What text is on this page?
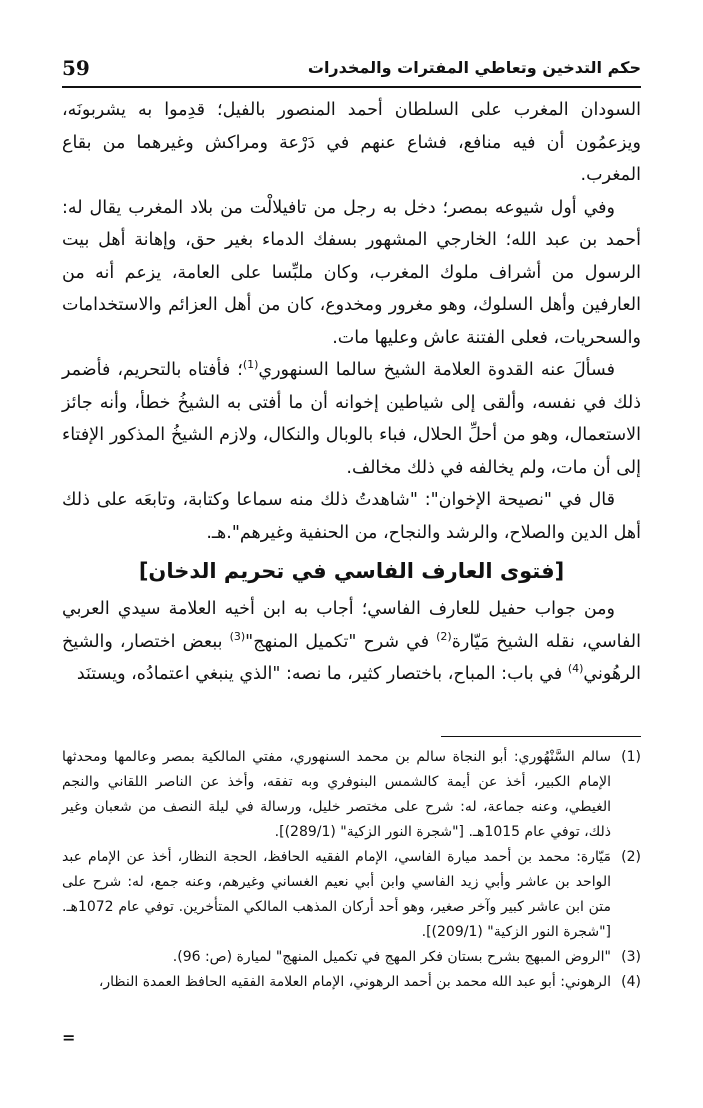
59	حكم التدخين وتعاطي المفترات والمخدرات

السودان المغرب على السلطان أحمد المنصور بالفيل؛ قدِموا به يشربونَه، ويزعمُون أن فيه منافع، فشاع عنهم في دَرْعة ومراكش وغيرهما من بقاع المغرب.

وفي أول شيوعه بمصر؛ دخل به رجل من تافيلالْت من بلاد المغرب يقال له: أحمد بن عبد الله؛ الخارجي المشهور بسفك الدماء بغير حق، وإهانة أهل بيت الرسول من أشراف ملوك المغرب، وكان ملبِّسا على العامة، يزعم أنه من العارفين وأهل السلوك، وهو مغرور ومخدوع، كان من أهل العزائم والاستخدامات والسحريات، فعلى الفتنة عاش وعليها مات.

فسألَ عنه القدوة العلامة الشيخ سالما السنهوري$^{(1)}$؛ فأفتاه بالتحريم، فأضمر ذلك في نفسه، وألقى إلى شياطين إخوانه أن ما أفتى به الشيخُ خطأ، وأنه جائز الاستعمال، وهو من أحلِّ الحلال، فباء بالوبال والنكال، ولازم الشيخُ المذكور الإفتاء إلى أن مات، ولم يخالفه في ذلك مخالف.

قال في "نصيحة الإخوان": "شاهدتُ ذلك منه سماعا وكتابة، وتابعَه على ذلك أهل الدين والصلاح، والرشد والنجاح، من الحنفية وغيرهم".هـ.

[فتوى العارف الفاسي في تحريم الدخان]

ومن جواب حفيل للعارف الفاسي؛ أجاب به ابن أخيه العلامة سيدي العربي الفاسي، نقله الشيخ مَيّارة$^{(2)}$ في شرح "تكميل المنهج"$^{(3)}$ ببعض اختصار، والشيخ الرهُوني$^{(4)}$ في باب: المباح، باختصار كثير، ما نصه: "الذي ينبغي اعتمادُه، ويستنَد

(1)
سالم السَّنْهُوري: أبو النجاة سالم بن محمد السنهوري، مفتي المالكية بمصر وعالمها ومحدثها الإمام الكبير، أخذ عن أيمة كالشمس البنوفري وبه تفقه، وأخذ عن الناصر اللقاني والنجم الغيطي، وعنه جماعة، له: شرح على مختصر خليل، ورسالة في ليلة النصف من شعبان وغير ذلك، توفي عام 1015هـ. ["شجرة النور الزكية" (289/1)].

(2)
مَيّارة: محمد بن أحمد ميارة الفاسي، الإمام الفقيه الحافظ، الحجة النظار، أخذ عن الإمام عبد الواحد بن عاشر وأبي زيد الفاسي وابن أبي نعيم الغساني وغيرهم، وعنه جمع، له: شرح على متن ابن عاشر كبير وآخر صغير، وهو أحد أركان المذهب المالكي المتأخرين. توفي عام 1072هـ. ["شجرة النور الزكية" (209/1)].

(3)
"الروض المبهج بشرح بستان فكر المهج في تكميل المنهج" لميارة (ص: 96).

(4)
الرهوني: أبو عبد الله محمد بن أحمد الرهوني، الإمام العلامة الفقيه الحافظ العمدة النظار،

=
